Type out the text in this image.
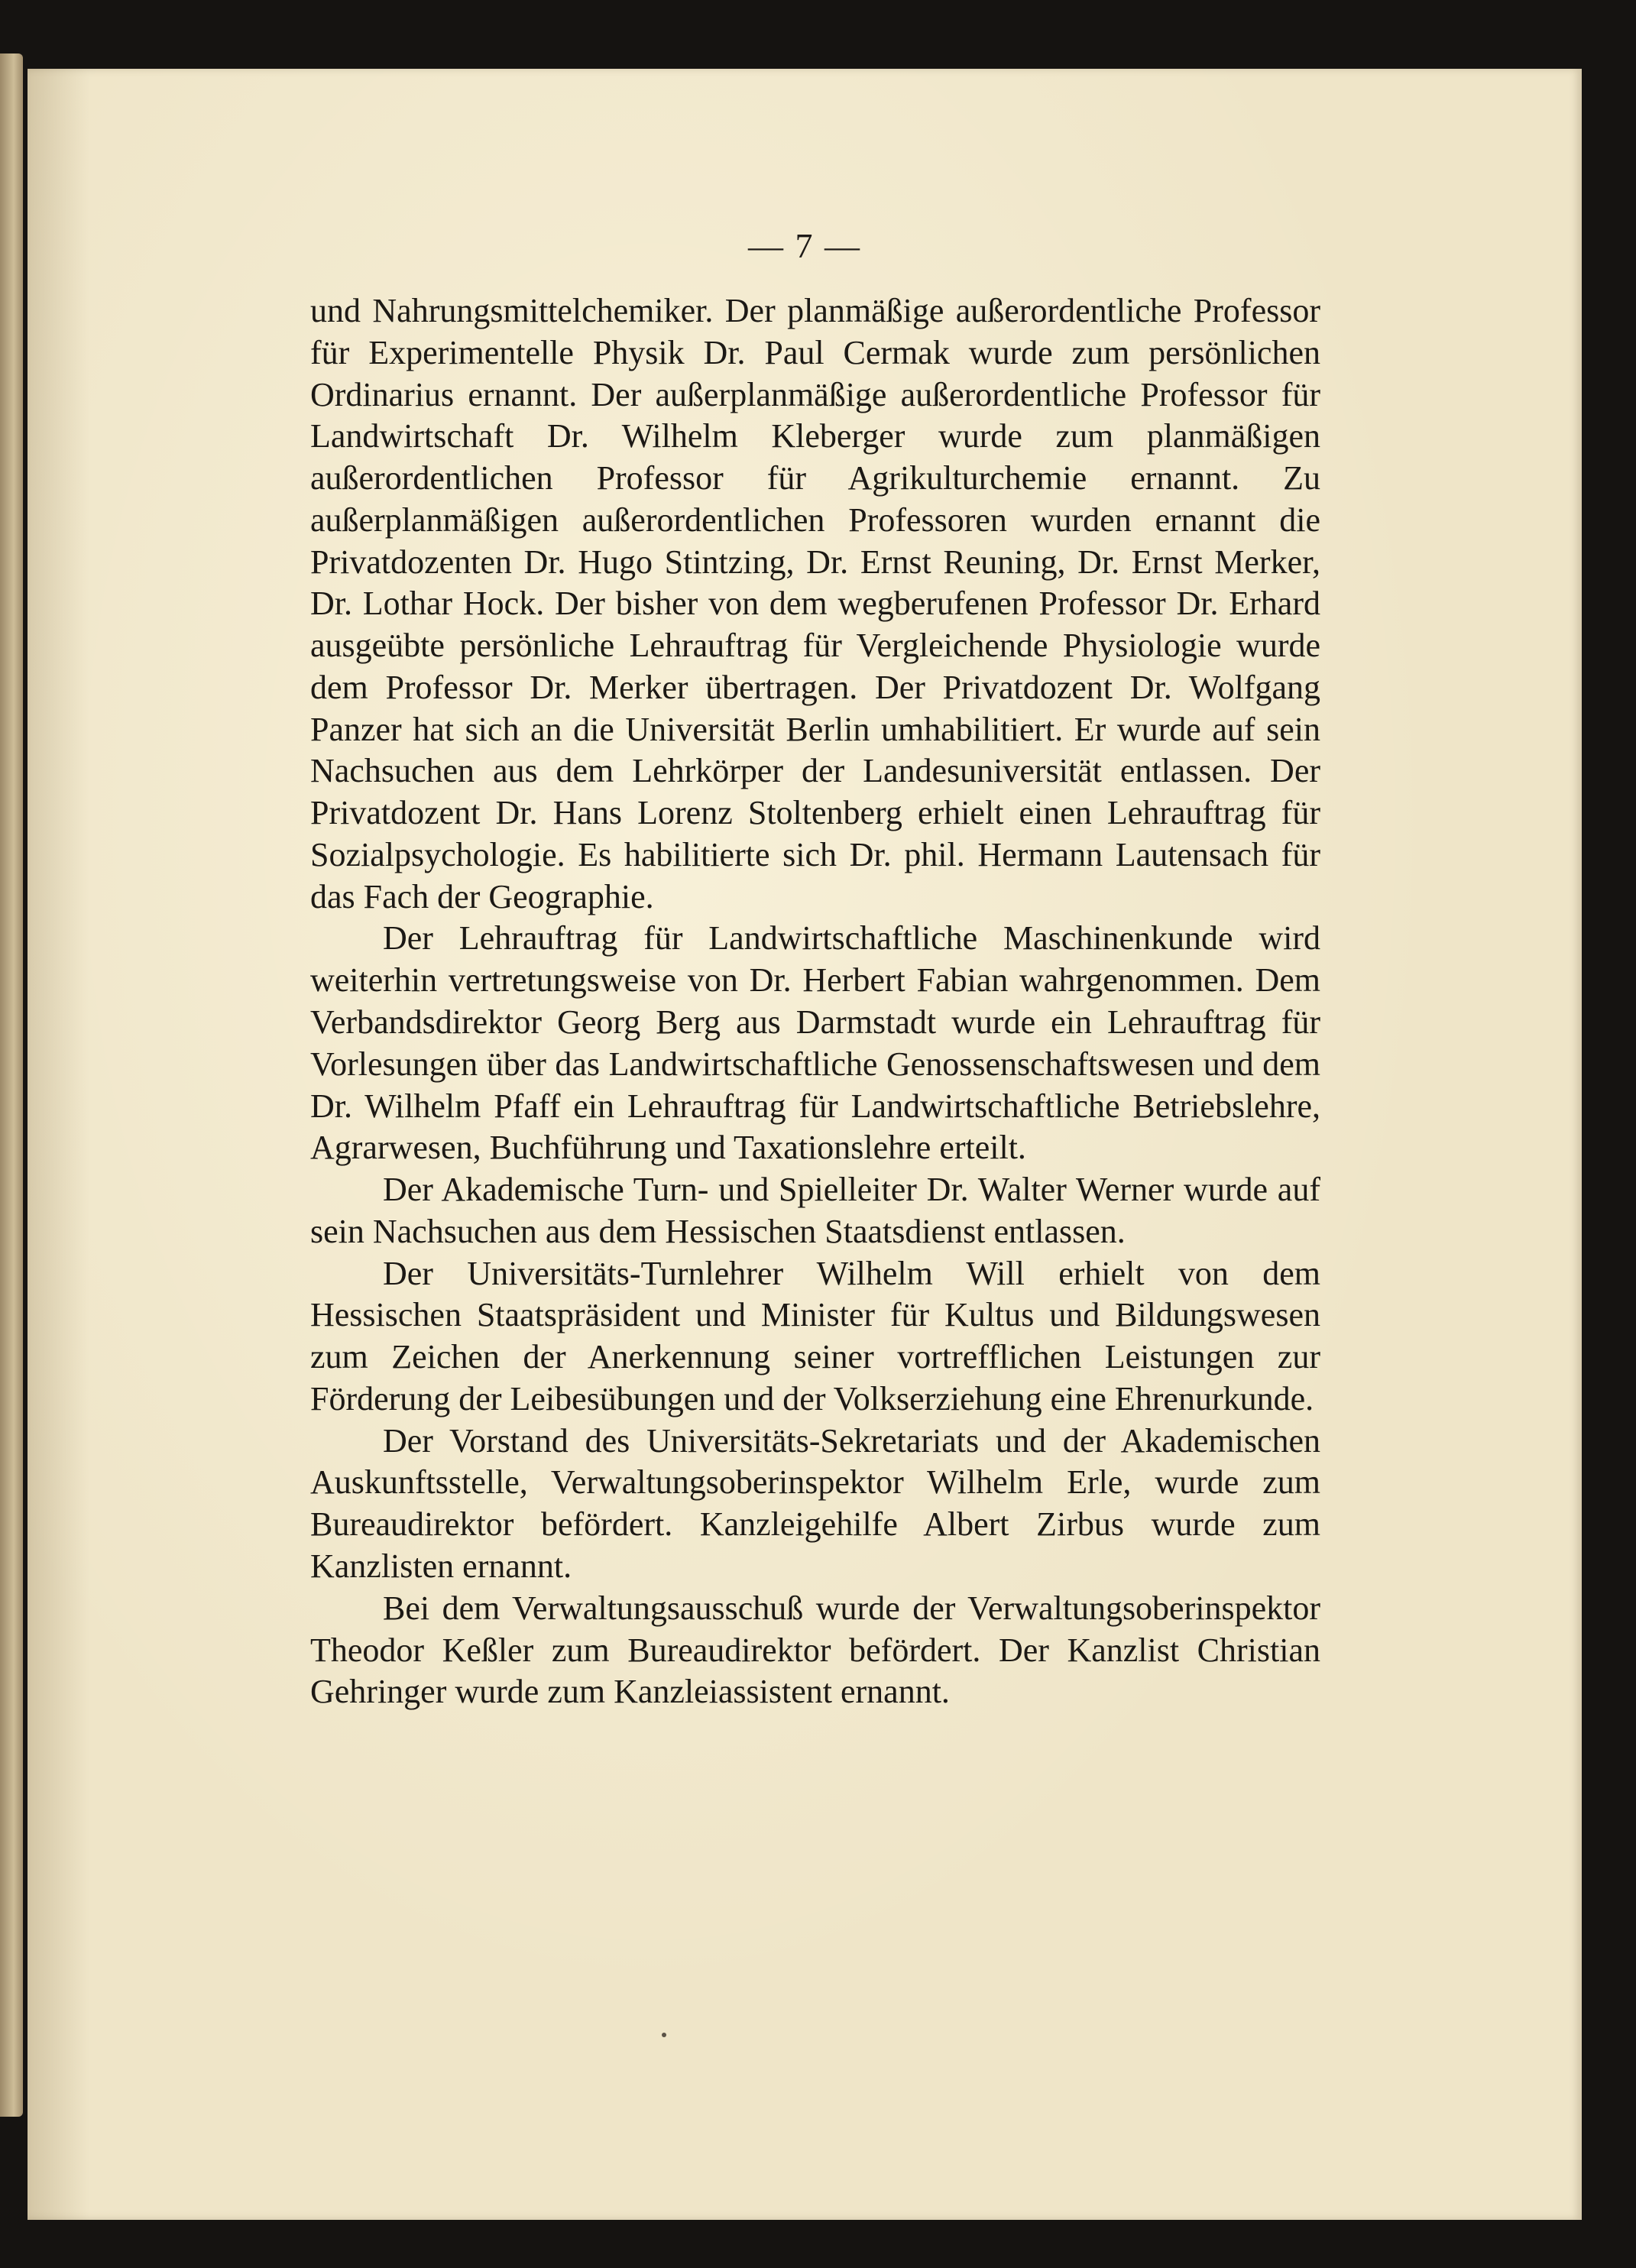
— 7 —

und Nahrungsmittelchemiker. Der planmäßige außerordentliche Professor für Experimentelle Physik Dr. Paul Cermak wurde zum persönlichen Ordinarius ernannt. Der außerplanmäßige außerordentliche Professor für Landwirtschaft Dr. Wilhelm Kleberger wurde zum planmäßigen außerordentlichen Professor für Agrikulturchemie ernannt. Zu außerplanmäßigen außerordentlichen Professoren wurden ernannt die Privatdozenten Dr. Hugo Stintzing, Dr. Ernst Reuning, Dr. Ernst Merker, Dr. Lothar Hock. Der bisher von dem wegberufenen Professor Dr. Erhard ausgeübte persönliche Lehrauftrag für Vergleichende Physiologie wurde dem Professor Dr. Merker übertragen. Der Privatdozent Dr. Wolfgang Panzer hat sich an die Universität Berlin umhabilitiert. Er wurde auf sein Nachsuchen aus dem Lehrkörper der Landesuniversität entlassen. Der Privatdozent Dr. Hans Lorenz Stoltenberg erhielt einen Lehrauftrag für Sozialpsychologie. Es habilitierte sich Dr. phil. Hermann Lautensach für das Fach der Geographie.

Der Lehrauftrag für Landwirtschaftliche Maschinenkunde wird weiterhin vertretungsweise von Dr. Herbert Fabian wahrgenommen. Dem Verbandsdirektor Georg Berg aus Darmstadt wurde ein Lehrauftrag für Vorlesungen über das Landwirtschaftliche Genossenschaftswesen und dem Dr. Wilhelm Pfaff ein Lehrauftrag für Landwirtschaftliche Betriebslehre, Agrarwesen, Buchführung und Taxationslehre erteilt.

Der Akademische Turn- und Spielleiter Dr. Walter Werner wurde auf sein Nachsuchen aus dem Hessischen Staatsdienst entlassen.

Der Universitäts-Turnlehrer Wilhelm Will erhielt von dem Hessischen Staatspräsident und Minister für Kultus und Bildungswesen zum Zeichen der Anerkennung seiner vortrefflichen Leistungen zur Förderung der Leibesübungen und der Volkserziehung eine Ehrenurkunde.

Der Vorstand des Universitäts-Sekretariats und der Akademischen Auskunftsstelle, Verwaltungsoberinspektor Wilhelm Erle, wurde zum Bureaudirektor befördert. Kanzleigehilfe Albert Zirbus wurde zum Kanzlisten ernannt.

Bei dem Verwaltungsausschuß wurde der Verwaltungsoberinspektor Theodor Keßler zum Bureaudirektor befördert. Der Kanzlist Christian Gehringer wurde zum Kanzleiassistent ernannt.
